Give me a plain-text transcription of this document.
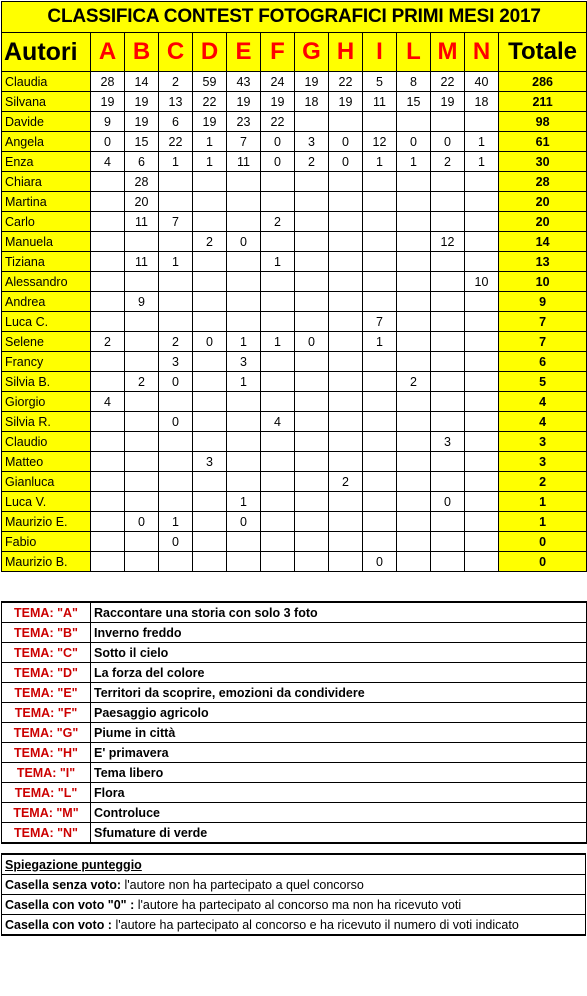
CLASSIFICA CONTEST FOTOGRAFICI PRIMI MESI 2017													
Autori	A	B	C	D	E	F	G	H	I	L	M	N	Totale
Claudia	28	14	2	59	43	24	19	22	5	8	22	40	286
Silvana	19	19	13	22	19	19	18	19	11	15	19	18	211
Davide	9	19	6	19	23	22							98
Angela	0	15	22	1	7	0	3	0	12	0	0	1	61
Enza	4	6	1	1	11	0	2	0	1	1	2	1	30
Chiara		28											28
Martina		20											20
Carlo		11	7			2							20
Manuela				2	0						12		14
Tiziana		11	1			1							13
Alessandro												10	10
Andrea		9											9
Luca C.									7				7
Selene	2		2	0	1	1	0		1				7
Francy			3		3								6
Silvia B.		2	0		1					2			5
Giorgio	4												4
Silvia R.			0			4							4
Claudio											3		3
Matteo				3									3
Gianluca								2					2
Luca V.					1						0		1
Maurizio E.		0	1		0								1
Fabio			0										0
Maurizio B.									0				0

TEMA: "A"	Raccontare una storia con solo 3 foto
TEMA: "B"	Inverno freddo
TEMA: "C"	Sotto il cielo
TEMA: "D"	La forza del colore
TEMA: "E"	Territori da scoprire, emozioni da condividere
TEMA: "F"	Paesaggio agricolo
TEMA: "G"	Piume in città
TEMA: "H"	E' primavera
TEMA: "I"	Tema libero
TEMA: "L"	Flora
TEMA: "M"	Controluce
TEMA: "N"	Sfumature di verde
Spiegazione punteggio
Casella senza voto: l'autore non ha partecipato a quel concorso
Casella con voto "0" : l'autore ha partecipato al concorso ma non ha ricevuto voti
Casella con voto : l'autore ha partecipato al concorso e ha ricevuto il numero di voti indicato
